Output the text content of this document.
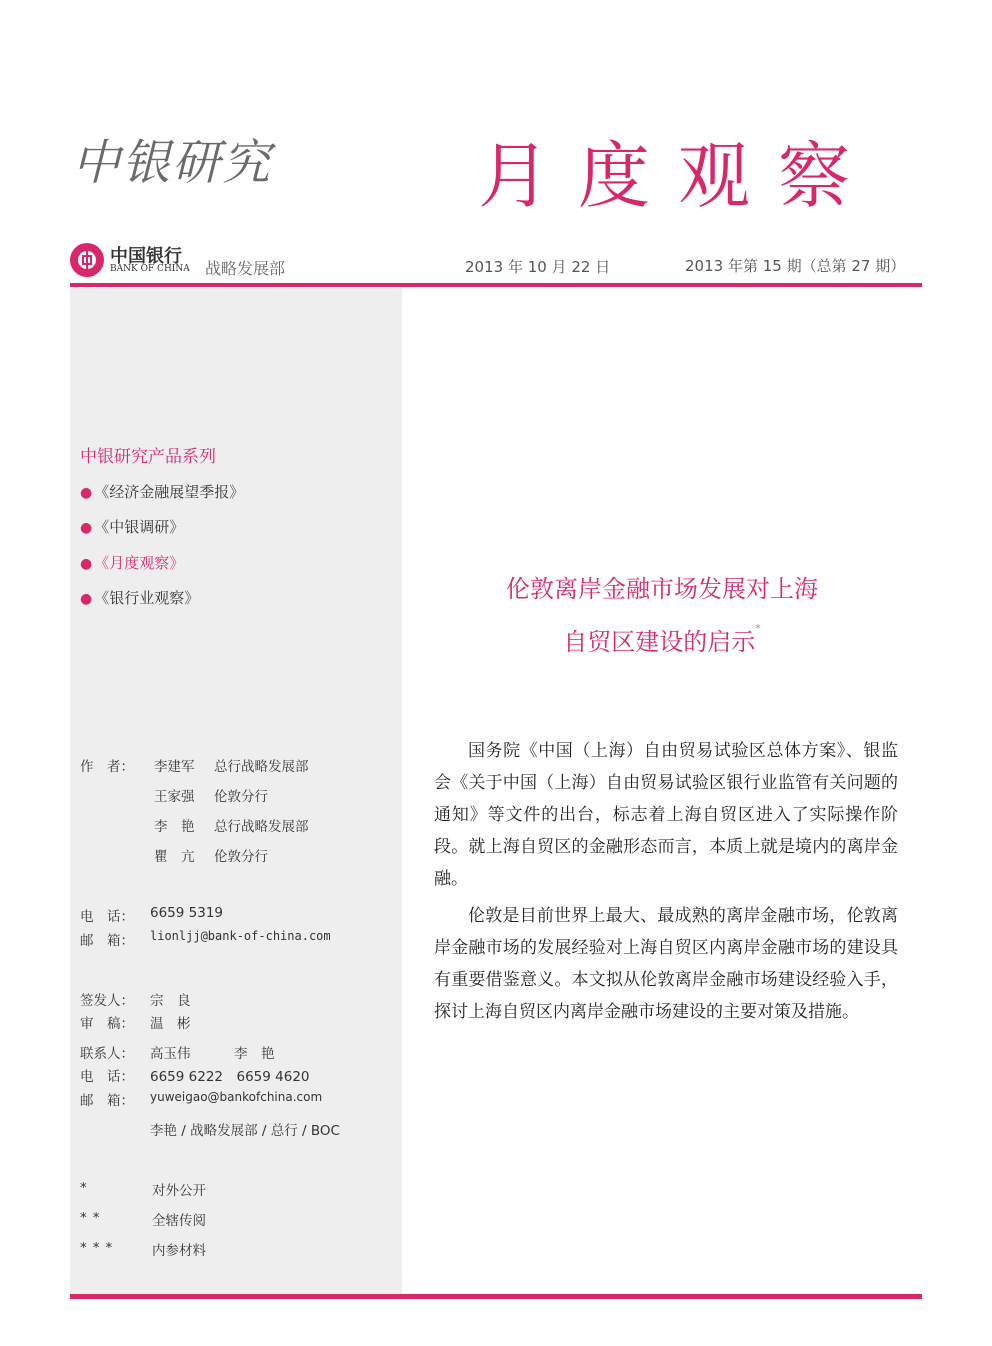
中银研究	月度观察
中国银行
BANK OF CHINA 战略发展部	2013 年 10 月 22 日	2013 年第 15 期（总第 27 期）
中银研究产品系列
● 《经济金融展望季报》
● 《中银调研》
● 《月度观察》
● 《银行业观察》
作　者： 李建军 总行战略发展部
王家强 伦敦分行
李　艳 总行战略发展部
瞿　亢 伦敦分行
电　话： 6659 5319
邮　箱： lionljj@bank-of-china.com
签发人： 宗　良
审　稿： 温　彬
联系人： 高玉伟	李　艳
电　话： 6659 6222　6659 4620
邮　箱： yuweigao@bankofchina.com
李艳 / 战略发展部 / 总行 / BOC
*	对外公开
**	全辖传阅
***	内参材料
伦敦离岸金融市场发展对上海
自贸区建设的启示*

国务院《中国（上海）自由贸易试验区总体方案》、银监会《关于中国（上海）自由贸易试验区银行业监管有关问题的通知》等文件的出台，标志着上海自贸区进入了实际操作阶段。就上海自贸区的金融形态而言，本质上就是境内的离岸金融。

伦敦是目前世界上最大、最成熟的离岸金融市场，伦敦离岸金融市场的发展经验对上海自贸区内离岸金融市场的建设具有重要借鉴意义。本文拟从伦敦离岸金融市场建设经验入手，探讨上海自贸区内离岸金融市场建设的主要对策及措施。
